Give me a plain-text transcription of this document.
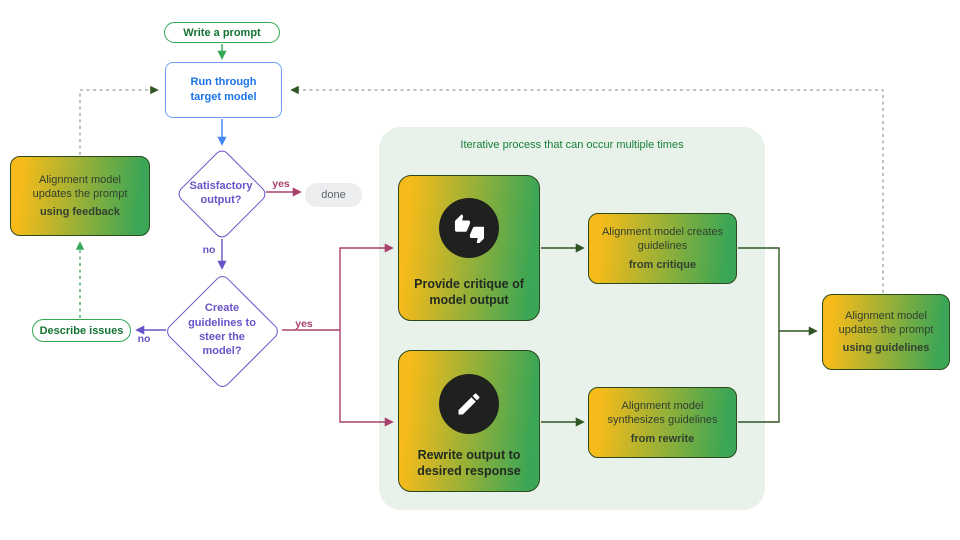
Iterative process that can occur multiple times
Write a prompt
Run through target model
Satisfactory output?	done
Create guidelines to steer the model?
Describe issues

Alignment model updates the prompt

using feedback

Provide critique of model output
Rewrite output to desired response

Alignment model creates guidelines

from critique

Alignment model synthesizes guidelines

from rewrite

Alignment model updates the prompt

using guidelines

yes
no
no
yes
